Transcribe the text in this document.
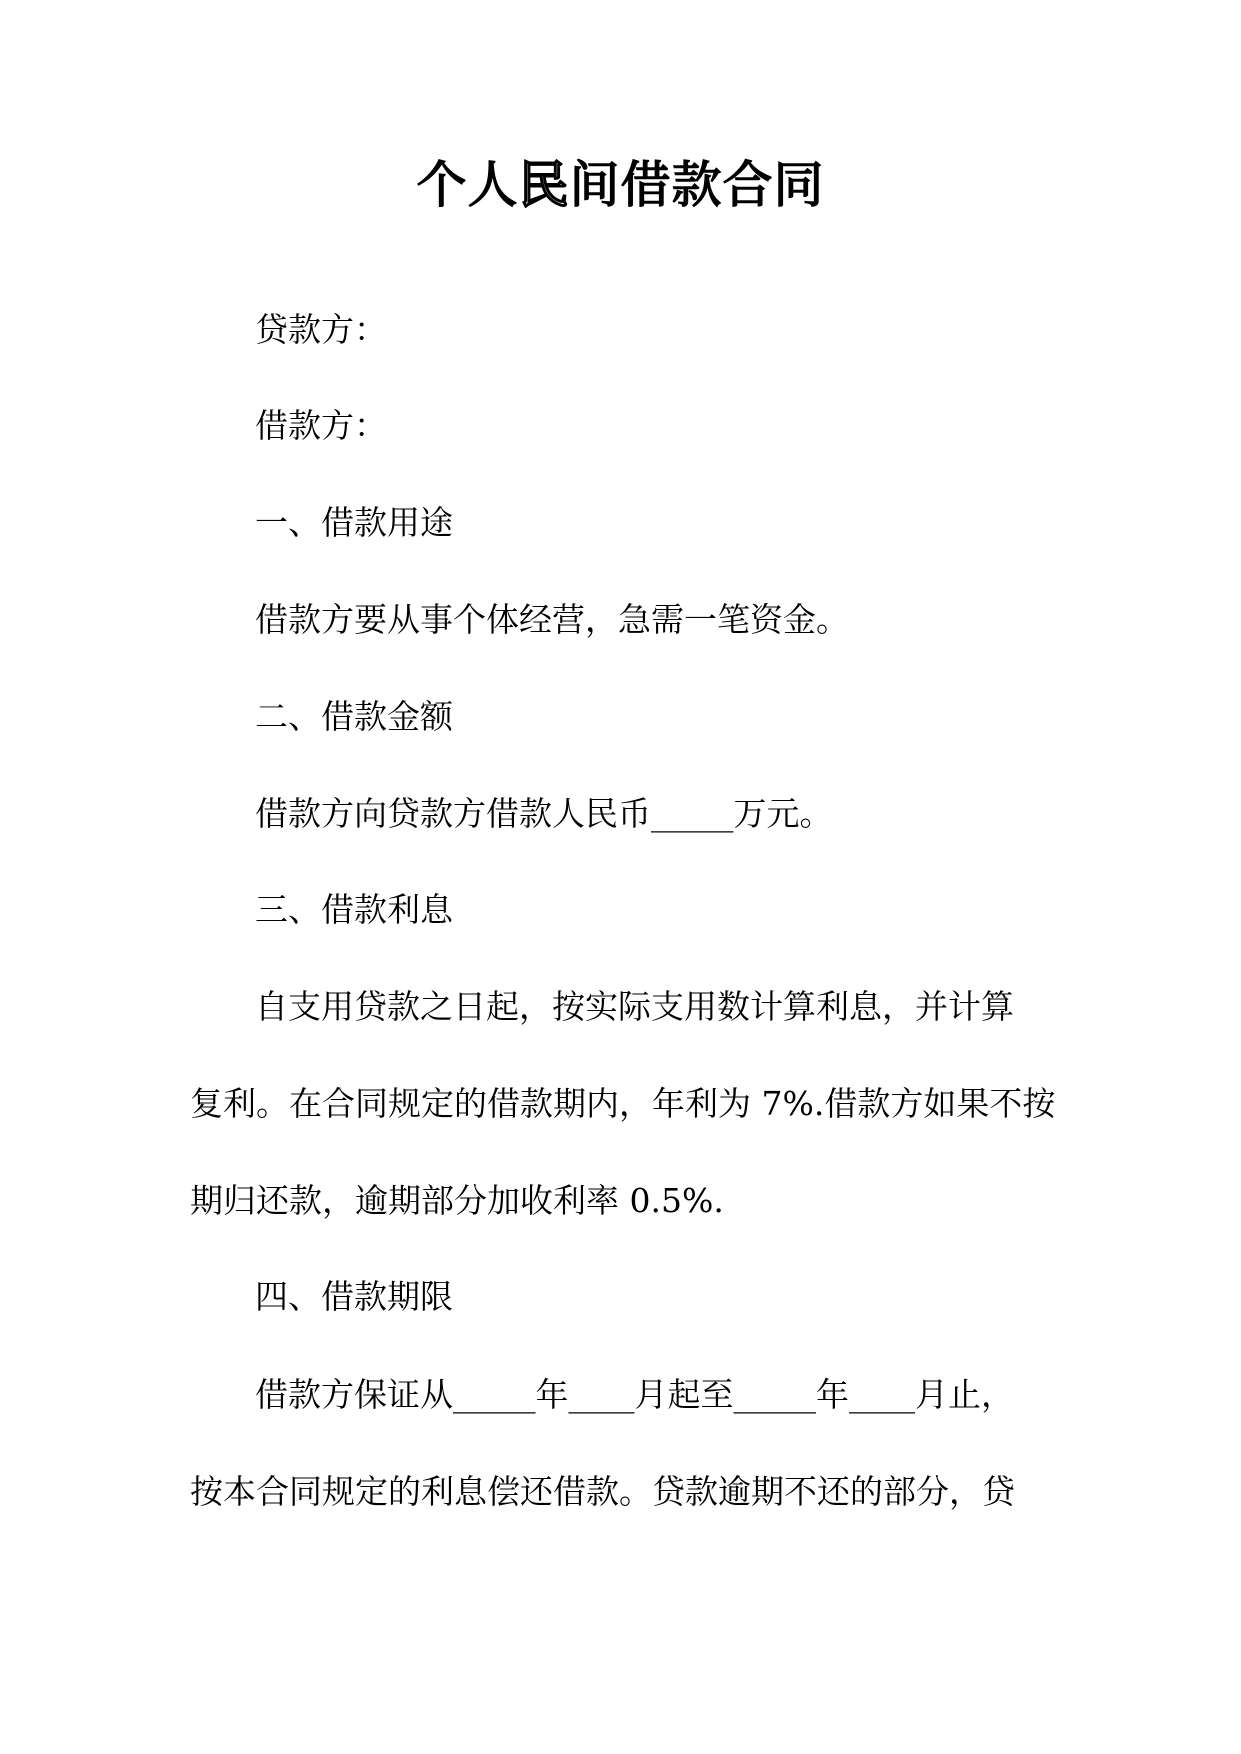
个人民间借款合同
贷款方：
借款方：
一、借款用途
借款方要从事个体经营，急需一笔资金。
二、借款金额
借款方向贷款方借款人民币_____万元。
三、借款利息
自支用贷款之日起，按实际支用数计算利息，并计算
复利。在合同规定的借款期内，年利为 7%.借款方如果不按
期归还款，逾期部分加收利率 0.5%.
四、借款期限
借款方保证从_____年____月起至_____年____月止，
按本合同规定的利息偿还借款。贷款逾期不还的部分，贷
